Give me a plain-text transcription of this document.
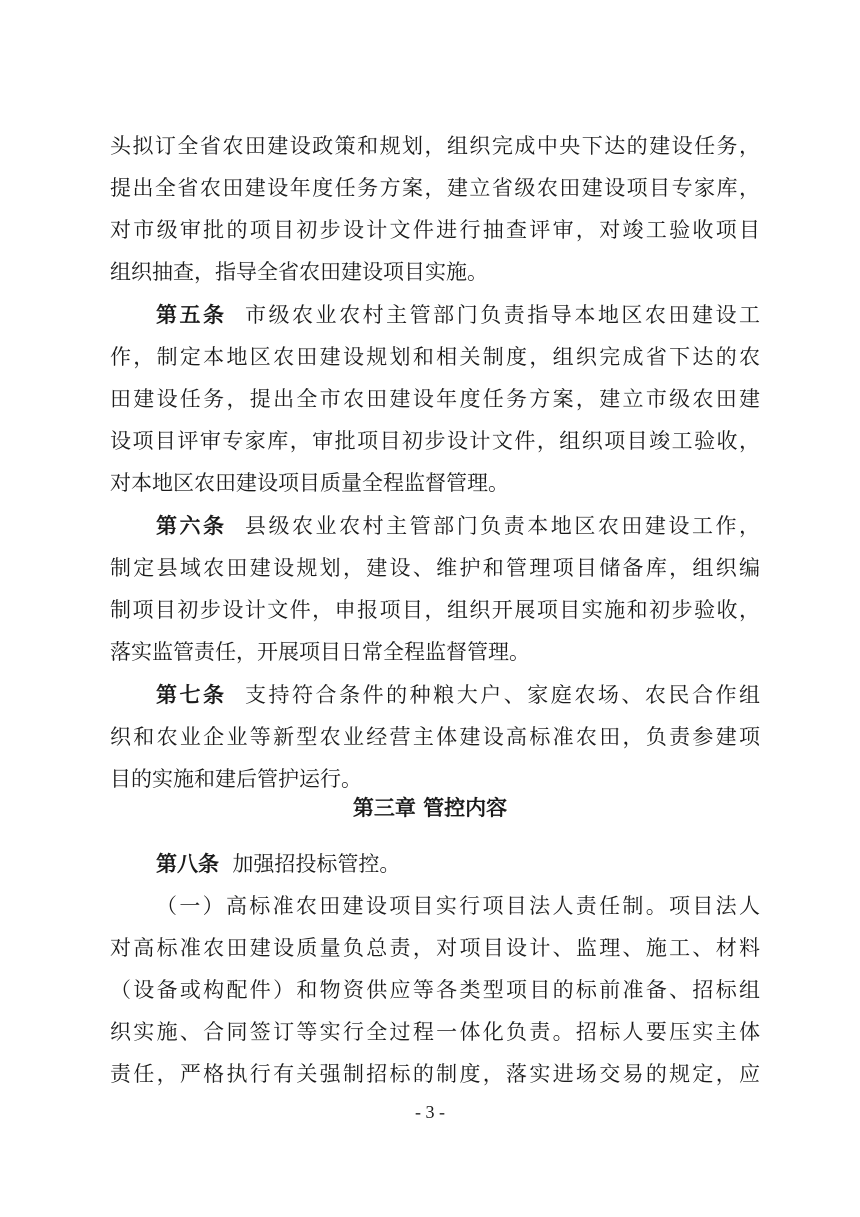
头拟订全省农田建设政策和规划，组织完成中央下达的建设任务，
提出全省农田建设年度任务方案，建立省级农田建设项目专家库，
对市级审批的项目初步设计文件进行抽查评审，对竣工验收项目
组织抽查，指导全省农田建设项目实施。
第五条 市级农业农村主管部门负责指导本地区农田建设工
作，制定本地区农田建设规划和相关制度，组织完成省下达的农
田建设任务，提出全市农田建设年度任务方案，建立市级农田建
设项目评审专家库，审批项目初步设计文件，组织项目竣工验收，
对本地区农田建设项目质量全程监督管理。
第六条 县级农业农村主管部门负责本地区农田建设工作，
制定县域农田建设规划，建设、维护和管理项目储备库，组织编
制项目初步设计文件，申报项目，组织开展项目实施和初步验收，
落实监管责任，开展项目日常全程监督管理。
第七条 支持符合条件的种粮大户、家庭农场、农民合作组
织和农业企业等新型农业经营主体建设高标准农田，负责参建项
目的实施和建后管护运行。
第三章 管控内容
第八条 加强招投标管控。
（一）高标准农田建设项目实行项目法人责任制。项目法人
对高标准农田建设质量负总责，对项目设计、监理、施工、材料
（设备或构配件）和物资供应等各类型项目的标前准备、招标组
织实施、合同签订等实行全过程一体化负责。招标人要压实主体
责任，严格执行有关强制招标的制度，落实进场交易的规定，应
- 3 -
